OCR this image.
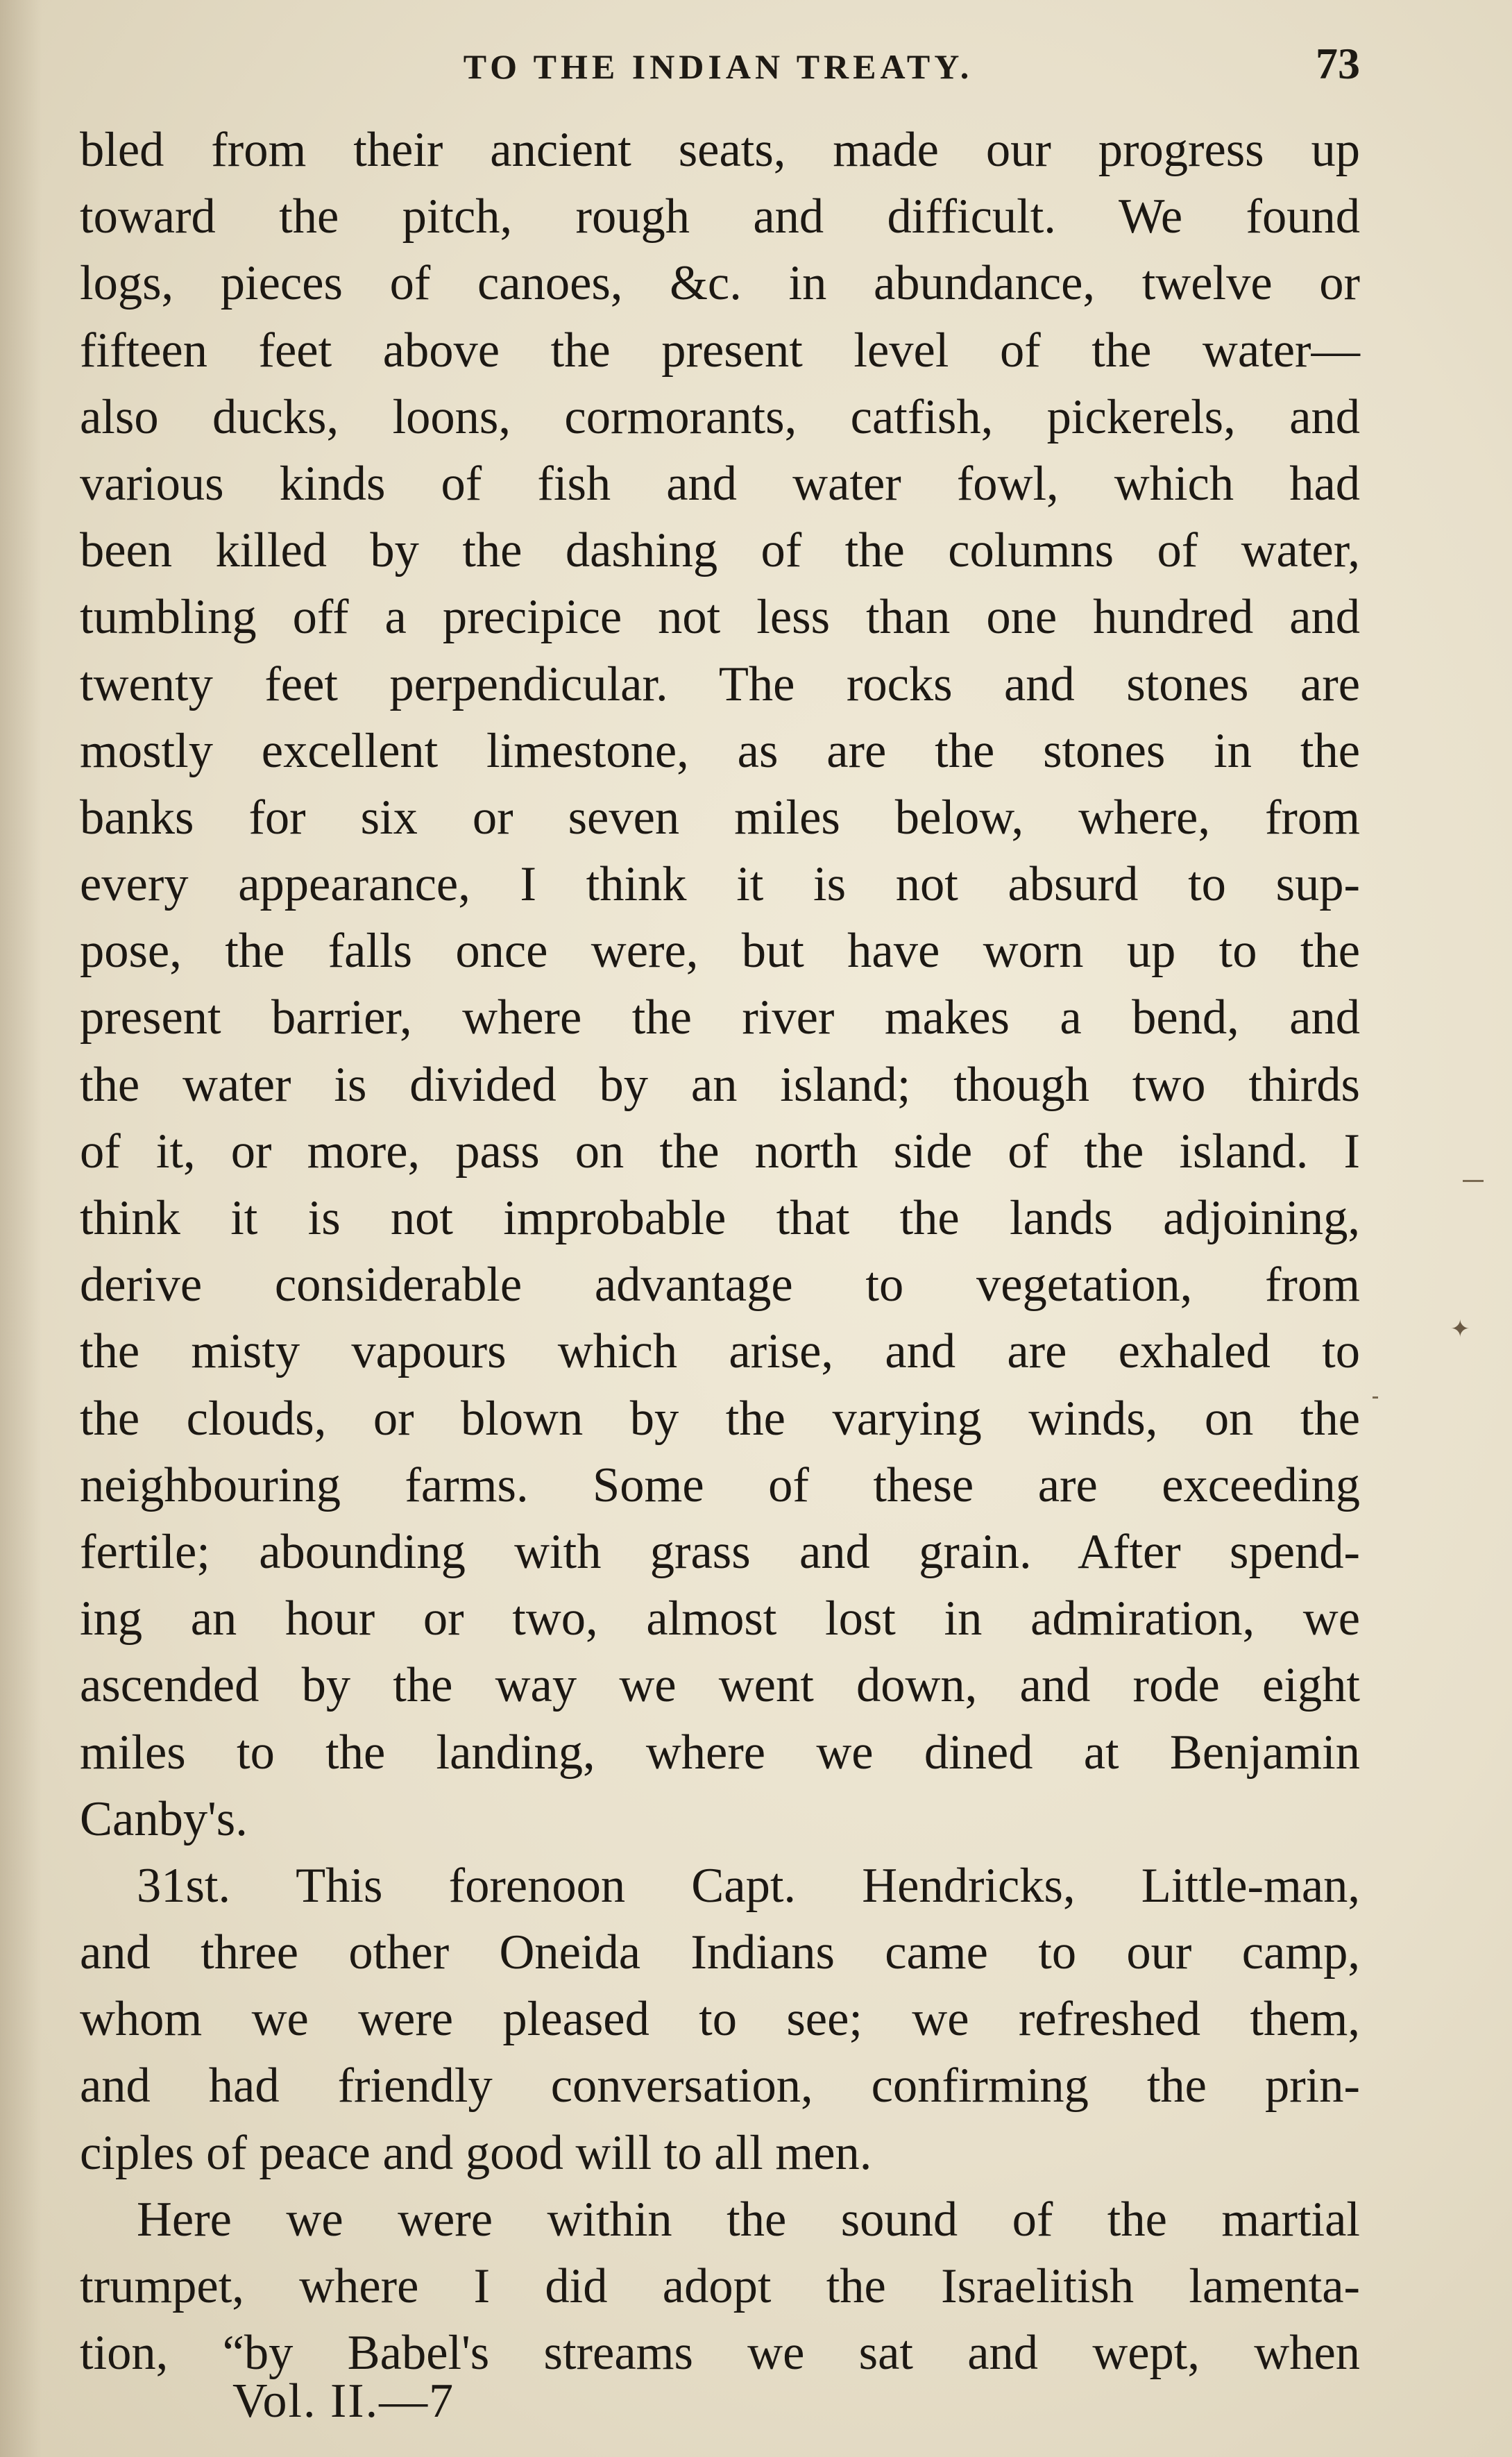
TO THE INDIAN TREATY.	73
bled from their ancient seats, made our progress up
toward the pitch, rough and difficult. We found
logs, pieces of canoes, &c. in abundance, twelve or
fifteen feet above the present level of the water—
also ducks, loons, cormorants, catfish, pickerels, and
various kinds of fish and water fowl, which had
been killed by the dashing of the columns of water,
tumbling off a precipice not less than one hundred and
twenty feet perpendicular. The rocks and stones are
mostly excellent limestone, as are the stones in the
banks for six or seven miles below, where, from
every appearance, I think it is not absurd to sup-
pose, the falls once were, but have worn up to the
present barrier, where the river makes a bend, and
the water is divided by an island; though two thirds
of it, or more, pass on the north side of the island. I
think it is not improbable that the lands adjoining,
derive considerable advantage to vegetation, from
the misty vapours which arise, and are exhaled to
the clouds, or blown by the varying winds, on the
neighbouring farms. Some of these are exceeding
fertile; abounding with grass and grain. After spend-
ing an hour or two, almost lost in admiration, we
ascended by the way we went down, and rode eight
miles to the landing, where we dined at Benjamin
Canby's.
31st. This forenoon Capt. Hendricks, Little-man,
and three other Oneida Indians came to our camp,
whom we were pleased to see; we refreshed them,
and had friendly conversation, confirming the prin-
ciples of peace and good will to all men.
Here we were within the sound of the martial
trumpet, where I did adopt the Israelitish lamenta-
tion, “by Babel's streams we sat and wept, when
Vol. II.—7
✦
